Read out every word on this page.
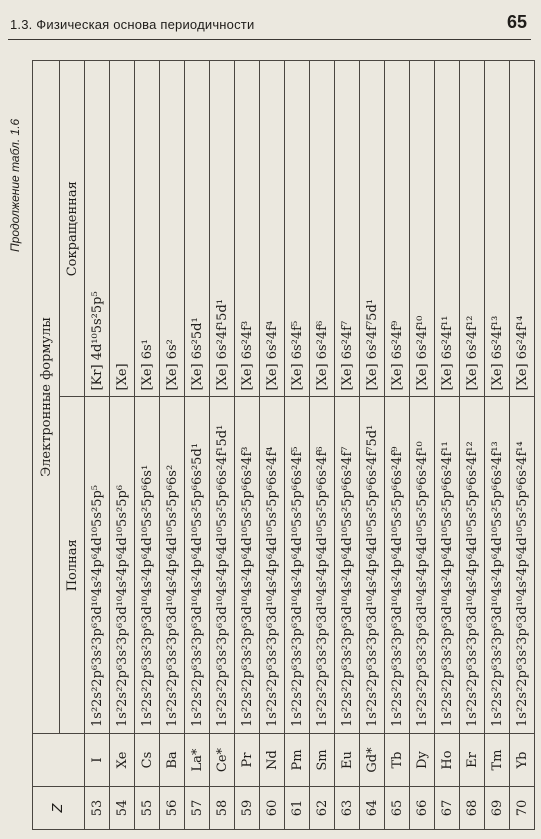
1.3. Физическая основа периодичности	65
Продолжение табл. 1.6
Z		Электронные формулы	
		Полная	Сокращенная
53	I	1s²2s²2p⁶3s²3p⁶3d¹⁰4s²4p⁶4d¹⁰5s²5p⁵	[Kr] 4d¹⁰5s²5p⁵
54	Xe	1s²2s²2p⁶3s²3p⁶3d¹⁰4s²4p⁶4d¹⁰5s²5p⁶	[Xe]
55	Cs	1s²2s²2p⁶3s²3p⁶3d¹⁰4s²4p⁶4d¹⁰5s²5p⁶6s¹	[Xe] 6s¹
56	Ba	1s²2s²2p⁶3s²3p⁶3d¹⁰4s²4p⁶4d¹⁰5s²5p⁶6s²	[Xe] 6s²
57	La*	1s²2s²2p⁶3s²3p⁶3d¹⁰4s²4p⁶4d¹⁰5s²5p⁶6s²5d¹	[Xe] 6s²5d¹
58	Ce*	1s²2s²2p⁶3s²3p⁶3d¹⁰4s²4p⁶4d¹⁰5s²5p⁶6s²4f¹5d¹	[Xe] 6s²4f¹5d¹
59	Pr	1s²2s²2p⁶3s²3p⁶3d¹⁰4s²4p⁶4d¹⁰5s²5p⁶6s²4f³	[Xe] 6s²4f³
60	Nd	1s²2s²2p⁶3s²3p⁶3d¹⁰4s²4p⁶4d¹⁰5s²5p⁶6s²4f⁴	[Xe] 6s²4f⁴
61	Pm	1s²2s²2p⁶3s²3p⁶3d¹⁰4s²4p⁶4d¹⁰5s²5p⁶6s²4f⁵	[Xe] 6s²4f⁵
62	Sm	1s²2s²2p⁶3s²3p⁶3d¹⁰4s²4p⁶4d¹⁰5s²5p⁶6s²4f⁶	[Xe] 6s²4f⁶
63	Eu	1s²2s²2p⁶3s²3p⁶3d¹⁰4s²4p⁶4d¹⁰5s²5p⁶6s²4f⁷	[Xe] 6s²4f⁷
64	Gd*	1s²2s²2p⁶3s²3p⁶3d¹⁰4s²4p⁶4d¹⁰5s²5p⁶6s²4f⁷5d¹	[Xe] 6s²4f⁷5d¹
65	Tb	1s²2s²2p⁶3s²3p⁶3d¹⁰4s²4p⁶4d¹⁰5s²5p⁶6s²4f⁹	[Xe] 6s²4f⁹
66	Dy	1s²2s²2p⁶3s²3p⁶3d¹⁰4s²4p⁶4d¹⁰5s²5p⁶6s²4f¹⁰	[Xe] 6s²4f¹⁰
67	Ho	1s²2s²2p⁶3s²3p⁶3d¹⁰4s²4p⁶4d¹⁰5s²5p⁶6s²4f¹¹	[Xe] 6s²4f¹¹
68	Er	1s²2s²2p⁶3s²3p⁶3d¹⁰4s²4p⁶4d¹⁰5s²5p⁶6s²4f¹²	[Xe] 6s²4f¹²
69	Tm	1s²2s²2p⁶3s²3p⁶3d¹⁰4s²4p⁶4d¹⁰5s²5p⁶6s²4f¹³	[Xe] 6s²4f¹³
70	Yb	1s²2s²2p⁶3s²3p⁶3d¹⁰4s²4p⁶4d¹⁰5s²5p⁶6s²4f¹⁴	[Xe] 6s²4f¹⁴
